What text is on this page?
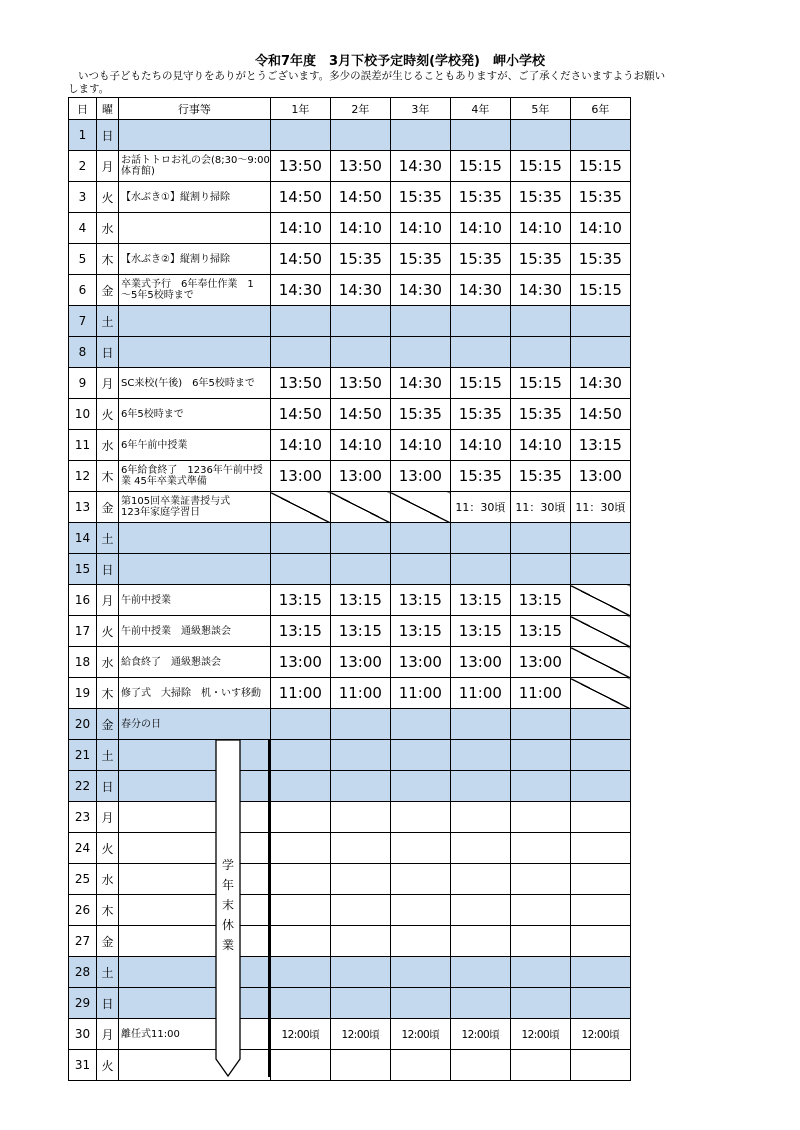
令和7年度　3月下校予定時刻(学校発)　岬小学校
いつも子どもたちの見守りをありがとうございます。多少の誤差が生じることもありますが、ご了承くださいますようお願い
します。
日	曜	行事等	1年	2年	3年	4年	5年	6年
1	日							
2	月	お話トトロお礼の会(8;30～9:00
体育館)	13:50	13:50	14:30	15:15	15:15	15:15
3	火	【水ぶき①】縦割り掃除	14:50	14:50	15:35	15:35	15:35	15:35
4	水		14:10	14:10	14:10	14:10	14:10	14:10
5	木	【水ぶき②】縦割り掃除	14:50	15:35	15:35	15:35	15:35	15:35
6	金	卒業式予行　6年奉仕作業　1
～5年5校時まで	14:30	14:30	14:30	14:30	14:30	15:15
7	土							
8	日							
9	月	SC来校(午後)　6年5校時まで	13:50	13:50	14:30	15:15	15:15	14:30
10	火	6年5校時まで	14:50	14:50	15:35	15:35	15:35	14:50
11	水	6年午前中授業	14:10	14:10	14:10	14:10	14:10	13:15
12	木	6年給食終了　1236年午前中授
業 45年卒業式準備	13:00	13:00	13:00	15:35	15:35	13:00
13	金	第105回卒業証書授与式
123年家庭学習日				11：30頃	11：30頃	11：30頃
14	土							
15	日							
16	月	午前中授業	13:15	13:15	13:15	13:15	13:15	
17	火	午前中授業　通級懇談会	13:15	13:15	13:15	13:15	13:15	
18	水	給食終了　通級懇談会	13:00	13:00	13:00	13:00	13:00	
19	木	修了式　大掃除　机・いす移動	11:00	11:00	11:00	11:00	11:00	
20	金	春分の日						

21	土							
22	日							
23	月							
24	火							
25	水							
26	木							
27	金							
28	土							
29	日							
30	月	離任式11:00	12:00頃	12:00頃	12:00頃	12:00頃	12:00頃	12:00頃
31	火							
学
年
末
休
業
